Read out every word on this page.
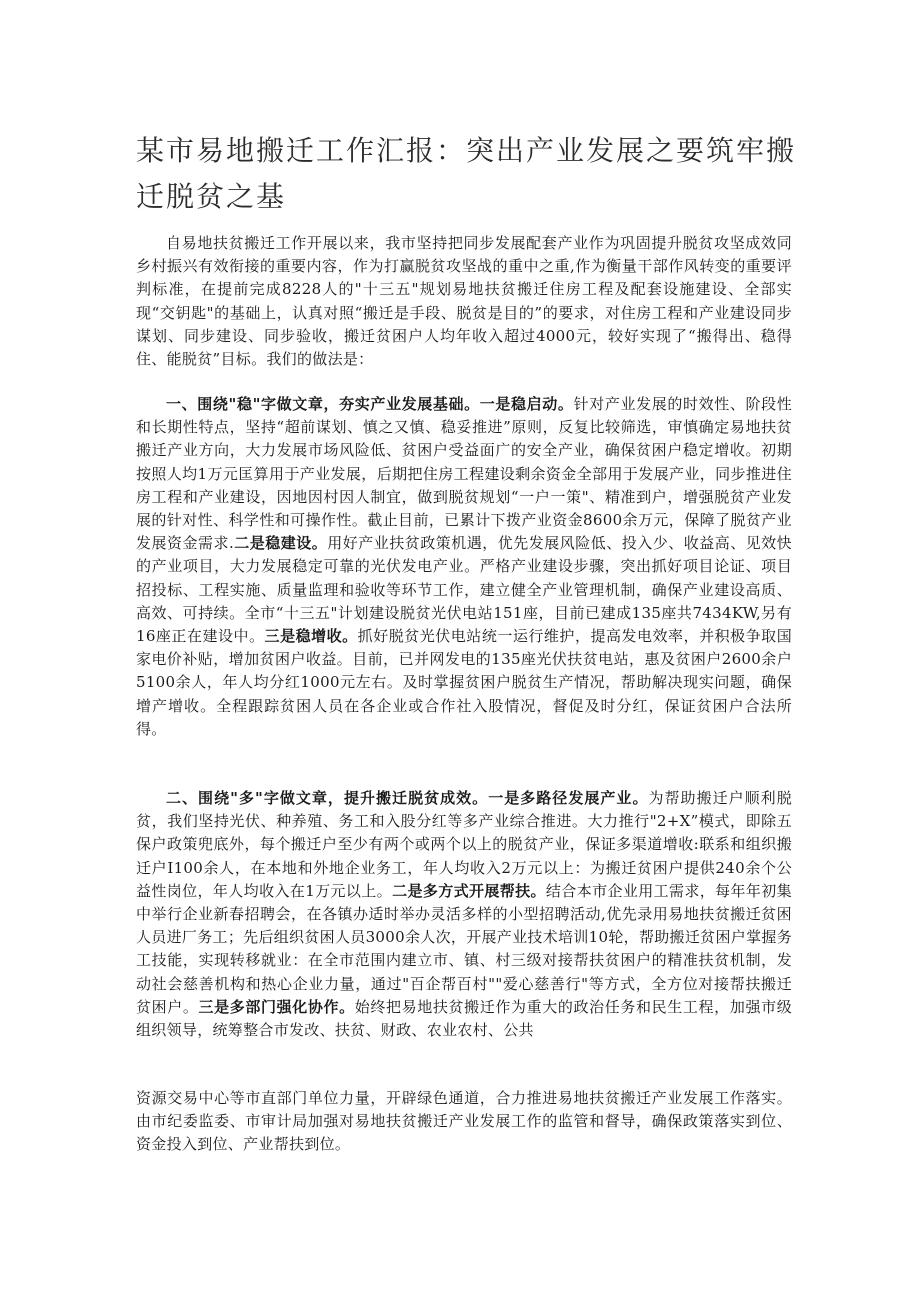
某市易地搬迁工作汇报：突出产业发展之要筑牢搬迁脱贫之基

自易地扶贫搬迁工作开展以来，我市坚持把同步发展配套产业作为巩固提升脱贫攻坚成效同乡村振兴有效衔接的重要内容，作为打赢脱贫攻坚战的重中之重,作为衡量干部作风转变的重要评判标准，在提前完成8228人的"十三五"规划易地扶贫搬迁住房工程及配套设施建设、全部实现“交钥匙"的基础上，认真对照“搬迁是手段、脱贫是目的”的要求，对住房工程和产业建设同步谋划、同步建设、同步验收，搬迁贫困户人均年收入超过4000元，较好实现了“搬得出、稳得住、能脱贫”目标。我们的做法是：

一、围绕"稳"字做文章，夯实产业发展基础。一是稳启动。针对产业发展的时效性、阶段性和长期性特点，坚持“超前谋划、慎之又慎、稳妥推进”原则，反复比较筛选，审慎确定易地扶贫搬迁产业方向，大力发展市场风险低、贫困户受益面广的安全产业，确保贫困户稳定增收。初期按照人均1万元匡算用于产业发展，后期把住房工程建设剩余资金全部用于发展产业，同步推进住房工程和产业建设，因地因村因人制宜，做到脱贫规划“一户一策"、精准到户，增强脱贫产业发展的针对性、科学性和可操作性。截止目前，已累计下拨产业资金8600余万元，保障了脱贫产业发展资金需求.二是稳建设。用好产业扶贫政策机遇，优先发展风险低、投入少、收益高、见效快的产业项目，大力发展稳定可靠的光伏发电产业。严格产业建设步骤，突出抓好项目论证、项目招投标、工程实施、质量监理和验收等环节工作，建立健全产业管理机制，确保产业建设高质、高效、可持续。全市“十三五"计划建设脱贫光伏电站151座，目前已建成135座共7434KW,另有16座正在建设中。三是稳增收。抓好脱贫光伏电站统一运行维护，提高发电效率，并积极争取国家电价补贴，增加贫困户收益。目前，已并网发电的135座光伏扶贫电站，惠及贫困户2600余户5100余人，年人均分红1000元左右。及时掌握贫困户脱贫生产情况，帮助解决现实问题，确保增产增收。全程跟踪贫困人员在各企业或合作社入股情况，督促及时分红，保证贫困户合法所得。

二、围绕"多"字做文章，提升搬迁脱贫成效。一是多路径发展产业。为帮助搬迁户顺利脱贫，我们坚持光伏、种养殖、务工和入股分红等多产业综合推进。大力推行"2+X”模式，即除五保户政策兜底外，每个搬迁户至少有两个或两个以上的脱贫产业，保证多渠道增收:联系和组织搬迁户I100余人，在本地和外地企业务工，年人均收入2万元以上：为搬迁贫困户提供240余个公益性岗位，年人均收入在1万元以上。二是多方式开展帮扶。结合本市企业用工需求，每年年初集中举行企业新春招聘会，在各镇办适时举办灵活多样的小型招聘活动,优先录用易地扶贫搬迁贫困人员进厂务工；先后组织贫困人员3000余人次，开展产业技术培训10轮，帮助搬迁贫困户掌握务工技能，实现转移就业：在全市范围内建立市、镇、村三级对接帮扶贫困户的精准扶贫机制，发动社会慈善机构和热心企业力量，通过"百企帮百村""爱心慈善行"等方式，全方位对接帮扶搬迁贫困户。三是多部门强化协作。始终把易地扶贫搬迁作为重大的政治任务和民生工程，加强市级组织领导，统筹整合市发改、扶贫、财政、农业农村、公共

资源交易中心等市直部门单位力量，开辟绿色通道，合力推进易地扶贫搬迁产业发展工作落实。由市纪委监委、市审计局加强对易地扶贫搬迁产业发展工作的监管和督导，确保政策落实到位、资金投入到位、产业帮扶到位。
